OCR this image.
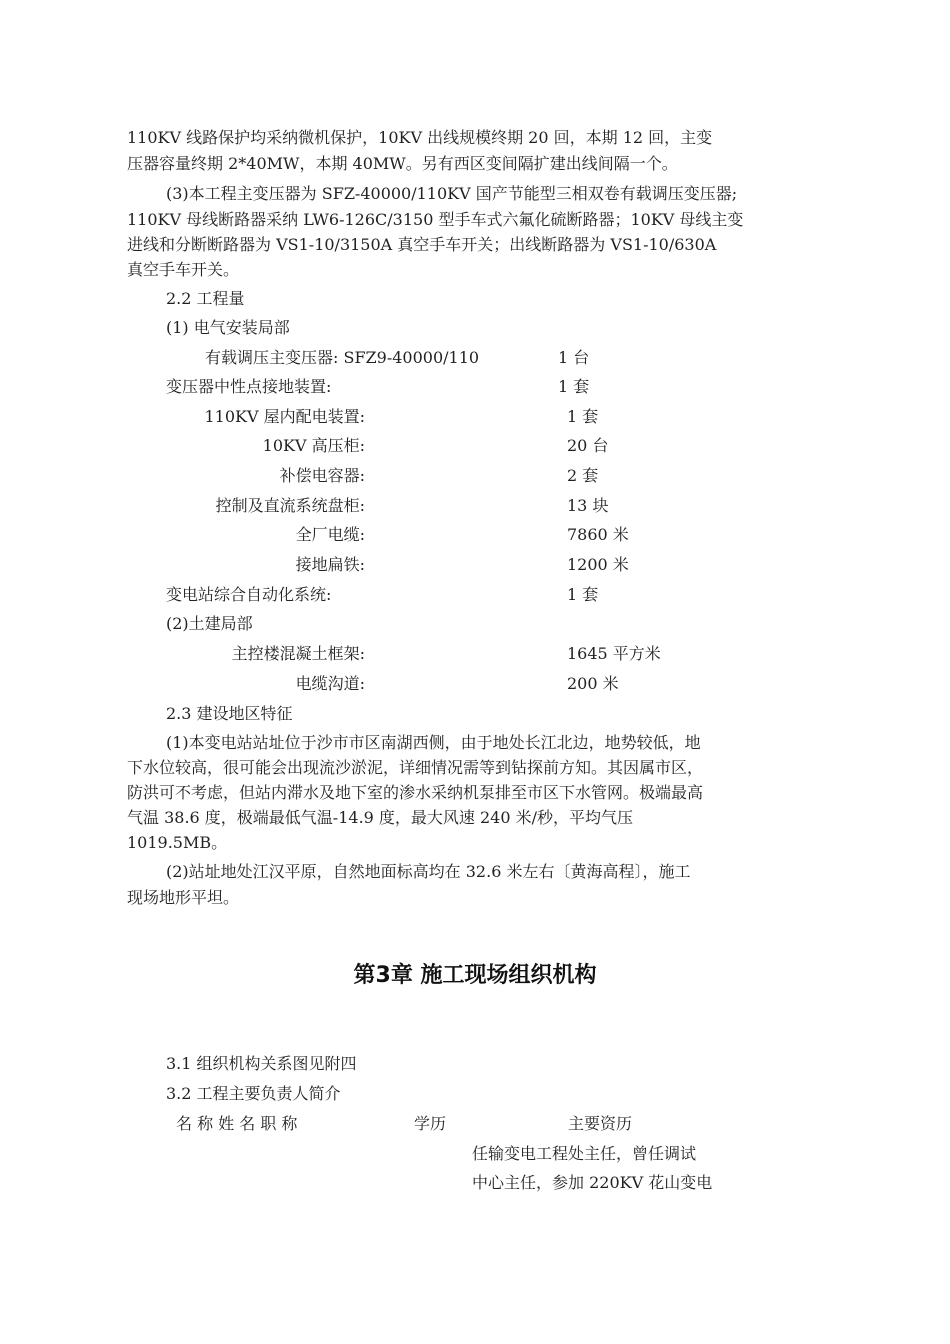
110KV 线路保护均采纳微机保护，10KV 出线规模终期 20 回，本期 12 回，主变
压器容量终期 2*40MW，本期 40MW。另有西区变间隔扩建出线间隔一个。
(3)本工程主变压器为 SFZ-40000/110KV 国产节能型三相双卷有载调压变压器;
110KV 母线断路器采纳 LW6-126C/3150 型手车式六氟化硫断路器；10KV 母线主变
进线和分断断路器为 VS1-10/3150A 真空手车开关；出线断路器为 VS1-10/630A
真空手车开关。
2.2 工程量
(1) 电气安装局部
有载调压主变压器: SFZ9-40000/110	1 台
变压器中性点接地装置:	1 套
110KV 屋内配电装置:	1 套
10KV 高压柜:	20 台
补偿电容器:	2 套
控制及直流系统盘柜:	13 块
全厂电缆:	7860 米
接地扁铁:	1200 米
变电站综合自动化系统:	1 套
(2)土建局部
主控楼混凝土框架:	1645 平方米
电缆沟道:	200 米
2.3 建设地区特征
(1)本变电站站址位于沙市市区南湖西侧，由于地处长江北边，地势较低，地
下水位较高，很可能会出现流沙淤泥，详细情况需等到钻探前方知。其因属市区，
防洪可不考虑，但站内滞水及地下室的渗水采纳机泵排至市区下水管网。极端最高
气温 38.6 度，极端最低气温-14.9 度，最大风速 240 米/秒，平均气压
1019.5MB。
(2)站址地处江汉平原，自然地面标高均在 32.6 米左右〔黄海高程〕，施工
现场地形平坦。
第3章 施工现场组织机构
3.1 组织机构关系图见附四
3.2 工程主要负责人简介
名 称 姓 名 职 称	学历	主要资历
任输变电工程处主任，曾任调试
中心主任，参加 220KV 花山变电
